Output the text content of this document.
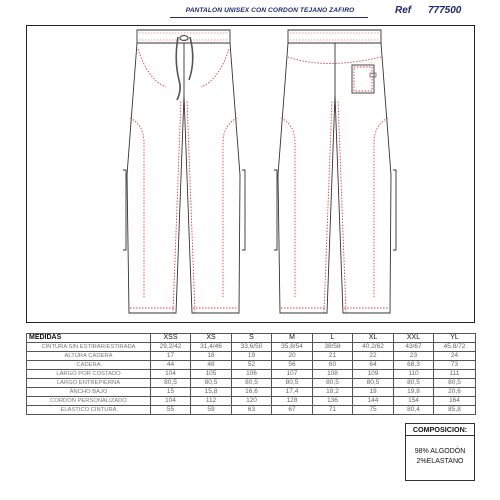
PANTALON UNISEX CON CORDON TEJANO ZAFIRO	Ref 777500
MEDIDAS	XSS	XS	S	M	L	XL	XXL	YL
CINTURA SIN ESTIRAR/ESTIRADA	29,2/42	31,4/46	33,6/50	35,8/54	38/58	40,2/62	43/67	45,8/72
ALTURA CADERA	17	18	19	20	21	22	23	24
CADERA	44	48	52	56	60	64	68,3	73
LARGO POR COSTADO	104	105	106	107	108	109	110	111
LARGO ENTREPIERNA	80,5	80,5	80,5	80,5	80,5	80,5	80,5	80,5
ANCHO BAJO	15	15,8	16,6	17,4	18,2	19	19,8	20,6
CORDON PERSONALIZADO	104	112	120	128	136	144	154	164
ELASTICO CINTURA	55	59	63	67	71	75	80,4	85,8
COMPOSICION:
98% ALGODÓN
2%ELASTANO
